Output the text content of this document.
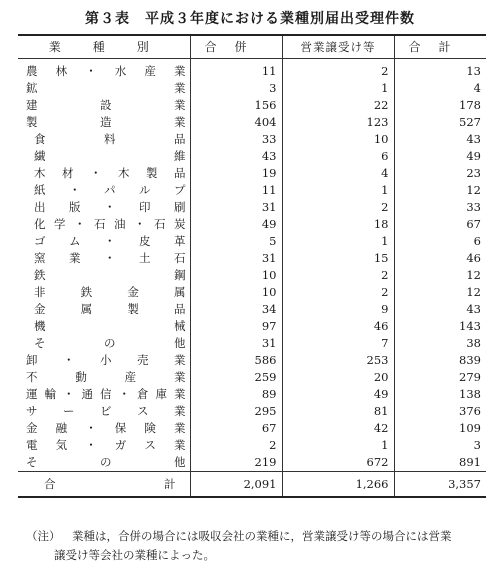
第３表　平成３年度における業種別届出受理件数
業　種　別	合　併	営業譲受け等	合　計
農林・水産業	11	2	13
鉱業	3	1	4
建設業	156	22	178
製造業	404	123	527
食料品	33	10	43
繊維	43	6	49
木材・木製品	19	4	23
紙・パルプ	11	1	12
出版・印刷	31	2	33
化学・石油・石炭	49	18	67
ゴム・皮革	5	1	6
窯業・土石	31	15	46
鉄鋼	10	2	12
非鉄金属	10	2	12
金属製品	34	9	43
機械	97	46	143
その他	31	7	38
卸・小売業	586	253	839
不動産業	259	20	279
運輸・通信・倉庫業	89	49	138
サービス業	295	81	376
金融・保険業	67	42	109
電気・ガス業	2	1	3
その他	219	672	891
合計	2,091	1,266	3,357
（注） 業種は，合併の場合には吸収会社の業種に，営業譲受け等の場合には営業
譲受け等会社の業種によった。
